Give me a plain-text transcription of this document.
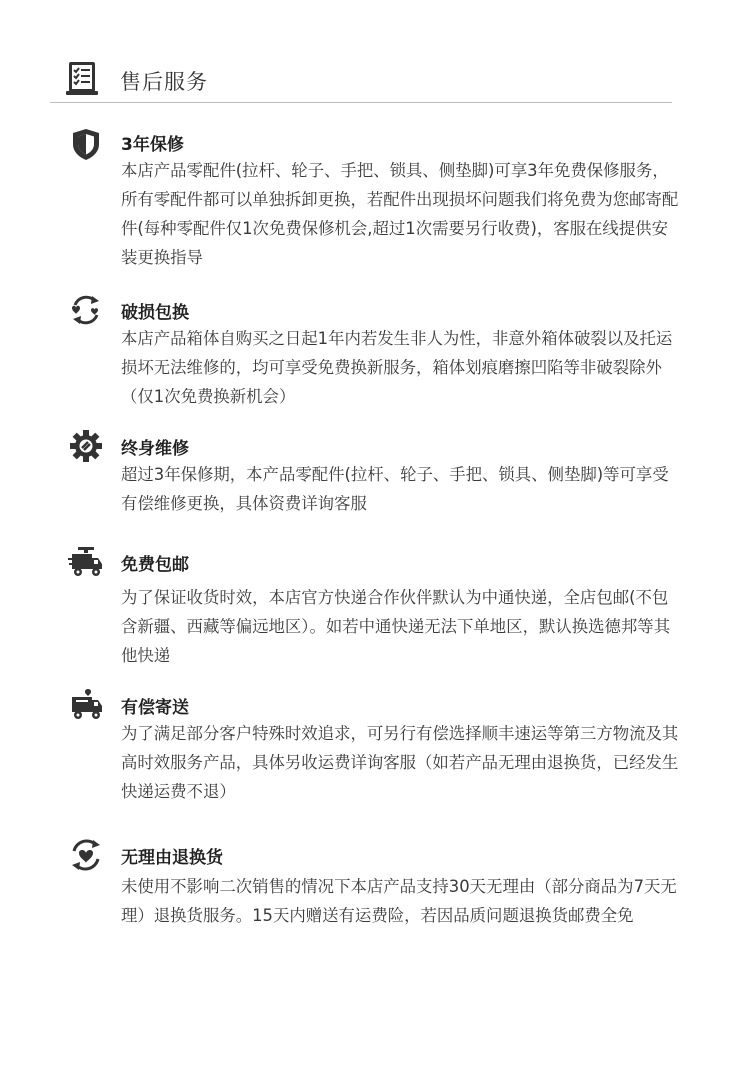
售后服务
3年保修

本店产品零配件(拉杆、轮子、手把、锁具、侧垫脚)可享3年免费保修服务，所有零配件都可以单独拆卸更换，若配件出现损坏问题我们将免费为您邮寄配件(每种零配件仅1次免费保修机会,超过1次需要另行收费)，客服在线提供安装更换指导

破损包换

本店产品箱体自购买之日起1年内若发生非人为性，非意外箱体破裂以及托运损坏无法维修的，均可享受免费换新服务，箱体划痕磨擦凹陷等非破裂除外（仅1次免费换新机会）

终身维修

超过3年保修期，本产品零配件(拉杆、轮子、手把、锁具、侧垫脚)等可享受有偿维修更换，具体资费详询客服

免费包邮

为了保证收货时效，本店官方快递合作伙伴默认为中通快递，全店包邮(不包含新疆、西藏等偏远地区）。如若中通快递无法下单地区，默认换选德邦等其他快递

有偿寄送

为了满足部分客户特殊时效追求，可另行有偿选择顺丰速运等第三方物流及其高时效服务产品，具体另收运费详询客服（如若产品无理由退换货，已经发生快递运费不退）

无理由退换货

未使用不影响二次销售的情况下本店产品支持30天无理由（部分商品为7天无理）退换货服务。15天内赠送有运费险，若因品质问题退换货邮费全免
